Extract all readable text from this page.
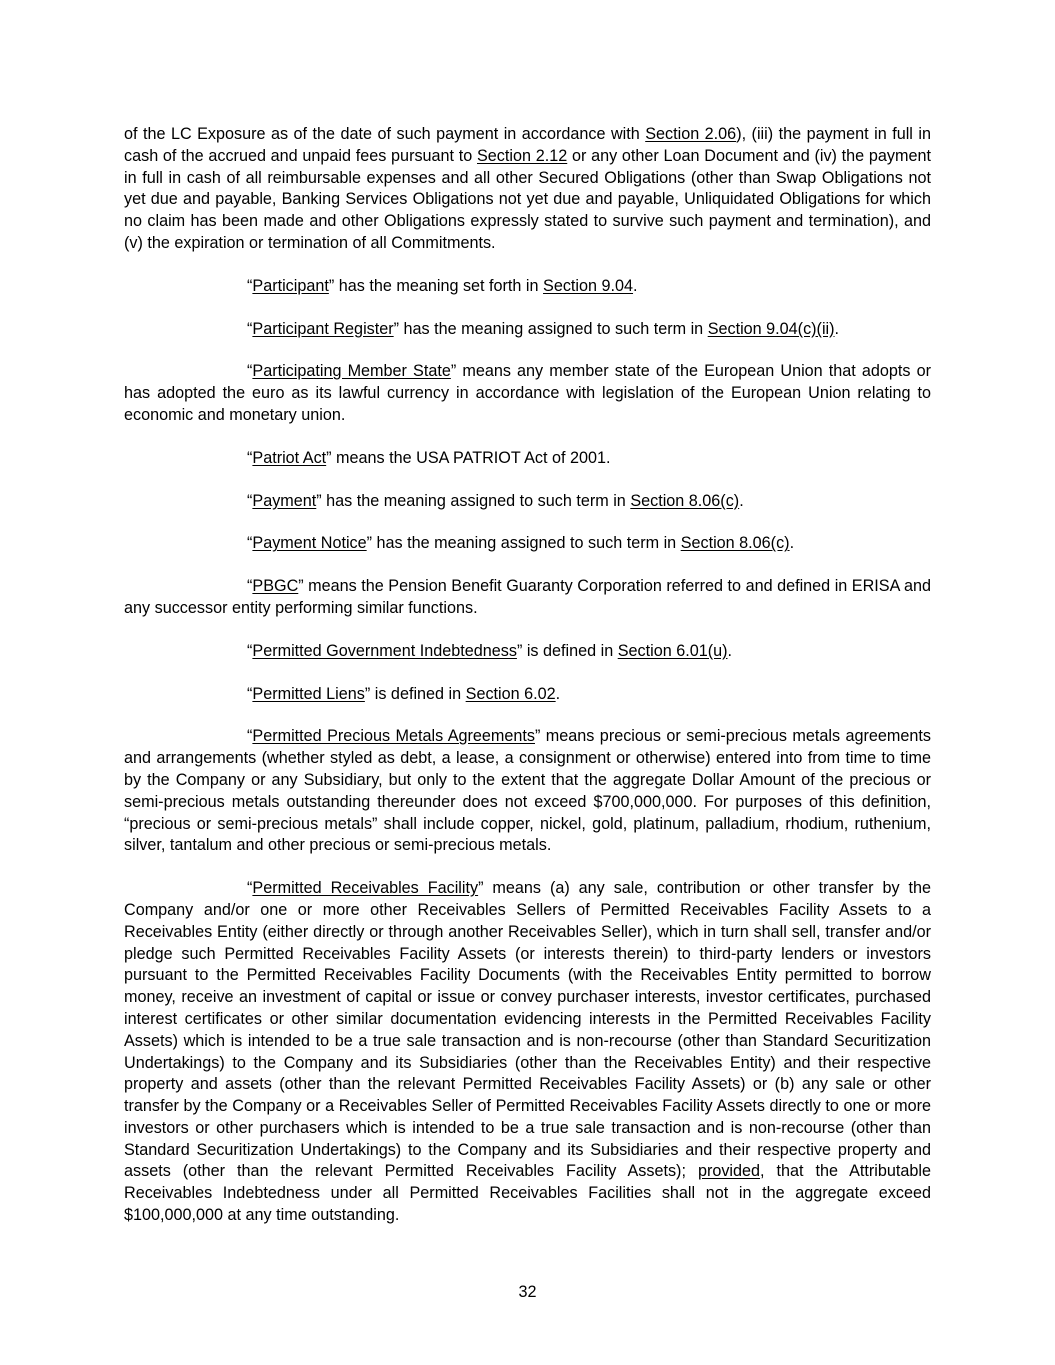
of the LC Exposure as of the date of such payment in accordance with Section 2.06), (iii) the payment in full in cash of the accrued and unpaid fees pursuant to Section 2.12 or any other Loan Document and (iv) the payment in full in cash of all reimbursable expenses and all other Secured Obligations (other than Swap Obligations not yet due and payable, Banking Services Obligations not yet due and payable, Unliquidated Obligations for which no claim has been made and other Obligations expressly stated to survive such payment and termination), and (v) the expiration or termination of all Commitments.

“Participant” has the meaning set forth in Section 9.04.

“Participant Register” has the meaning assigned to such term in Section 9.04(c)(ii).

“Participating Member State” means any member state of the European Union that adopts or has adopted the euro as its lawful currency in accordance with legislation of the European Union relating to economic and monetary union.

“Patriot Act” means the USA PATRIOT Act of 2001.

“Payment” has the meaning assigned to such term in Section 8.06(c).

“Payment Notice” has the meaning assigned to such term in Section 8.06(c).

“PBGC” means the Pension Benefit Guaranty Corporation referred to and defined in ERISA and any successor entity performing similar functions.

“Permitted Government Indebtedness” is defined in Section 6.01(u).

“Permitted Liens” is defined in Section 6.02.

“Permitted Precious Metals Agreements” means precious or semi-precious metals agreements and arrangements (whether styled as debt, a lease, a consignment or otherwise) entered into from time to time by the Company or any Subsidiary, but only to the extent that the aggregate Dollar Amount of the precious or semi-precious metals outstanding thereunder does not exceed $700,000,000. For purposes of this definition, “precious or semi-precious metals” shall include copper, nickel, gold, platinum, palladium, rhodium, ruthenium, silver, tantalum and other precious or semi-precious metals.

“Permitted Receivables Facility” means (a) any sale, contribution or other transfer by the Company and/or one or more other Receivables Sellers of Permitted Receivables Facility Assets to a Receivables Entity (either directly or through another Receivables Seller), which in turn shall sell, transfer and/or pledge such Permitted Receivables Facility Assets (or interests therein) to third-party lenders or investors pursuant to the Permitted Receivables Facility Documents (with the Receivables Entity permitted to borrow money, receive an investment of capital or issue or convey purchaser interests, investor certificates, purchased interest certificates or other similar documentation evidencing interests in the Permitted Receivables Facility Assets) which is intended to be a true sale transaction and is non-recourse (other than Standard Securitization Undertakings) to the Company and its Subsidiaries (other than the Receivables Entity) and their respective property and assets (other than the relevant Permitted Receivables Facility Assets) or (b) any sale or other transfer by the Company or a Receivables Seller of Permitted Receivables Facility Assets directly to one or more investors or other purchasers which is intended to be a true sale transaction and is non-recourse (other than Standard Securitization Undertakings) to the Company and its Subsidiaries and their respective property and assets (other than the relevant Permitted Receivables Facility Assets); provided, that the Attributable Receivables Indebtedness under all Permitted Receivables Facilities shall not in the aggregate exceed $100,000,000 at any time outstanding.

32
